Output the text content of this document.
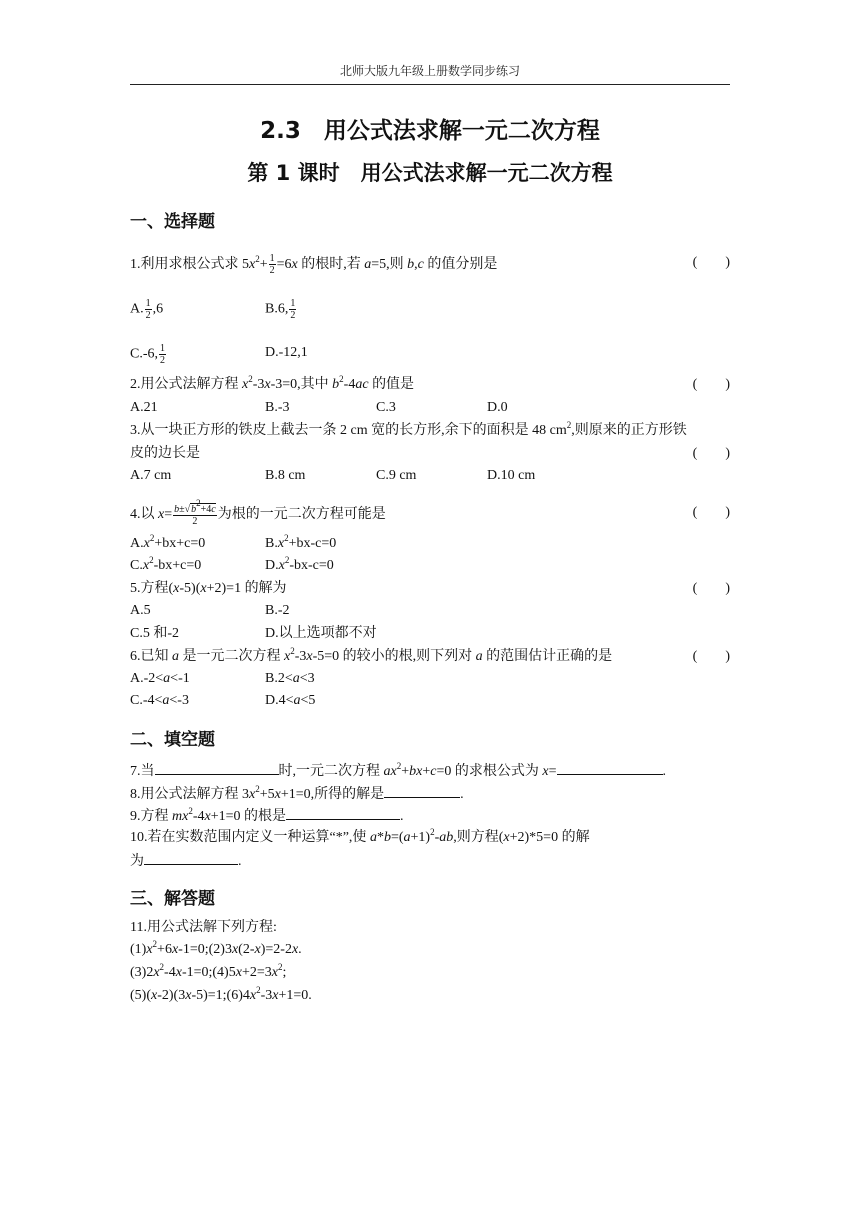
北师大版九年级上册数学同步练习
2.3　用公式法求解一元二次方程
第 1 课时　用公式法求解一元二次方程
一、选择题
1.利用求根公式求 $5x^2+ \frac{1}{2} =6x$ 的根时,若 a=5,则 b,c 的值分别是	(　　)
A. $\frac{1}{2} ,6$	B.6, $\frac{1}{2}$
C.-6, $\frac{1}{2}$	D.-12,1
2.用公式法解方程 $x^2-3x-3=0$,其中 $b^2-4ac$ 的值是	(　　)
A.21	B.-3	C.3	D.0
3.从一块正方形的铁皮上截去一条 2 cm 宽的长方形,余下的面积是 48 $cm^2$,则原来的正方形铁
皮的边长是	(　　)
A.7 cm	B.8 cm	C.9 cm	D.10 cm
4.以 $x= \frac{b\pm√b^2+4c}{2}$ 为根的一元二次方程可能是	(　　)
$A.x^2+bx+c=0$	$B.x^2+bx-c=0$
$C.x^2-bx+c=0$	$D.x^2-bx-c=0$
5.方程(x-5)(x+2)=1 的解为	(　　)
A.5	B.-2
C.5 和-2	D.以上选项都不对
6.已知 a 是一元二次方程 $x^2-3x-5=0$ 的较小的根,则下列对 a 的范围估计正确的是	(　　)
A.-2<a<-1	B.2<a<3
C.-4<a<-3	D.4<a<5
二、填空题
7.当	时,一元二次方程 $ax^2+bx+c=0$ 的求根公式为 x=	.
8.用公式法解方程 $3x^2+5x+1=0$,所得的解是	.
9.方程 $mx^2-4x+1=0$ 的根是	.
10.若在实数范围内定义一种运算“*”,使 $a*b=(a+1)^2-ab$,则方程(x+2)*5=0 的解
为	.
三、解答题
11.用公式法解下列方程:
$(1)x^2+6x-1=0;(2)3x(2-x)=2-2x$.
$(3)2x^2-4x-1=0;(4)5x+2=3x^2$;
$(5)(x-2)(3x-5)=1;(6)4x^2-3x+1=0$.
